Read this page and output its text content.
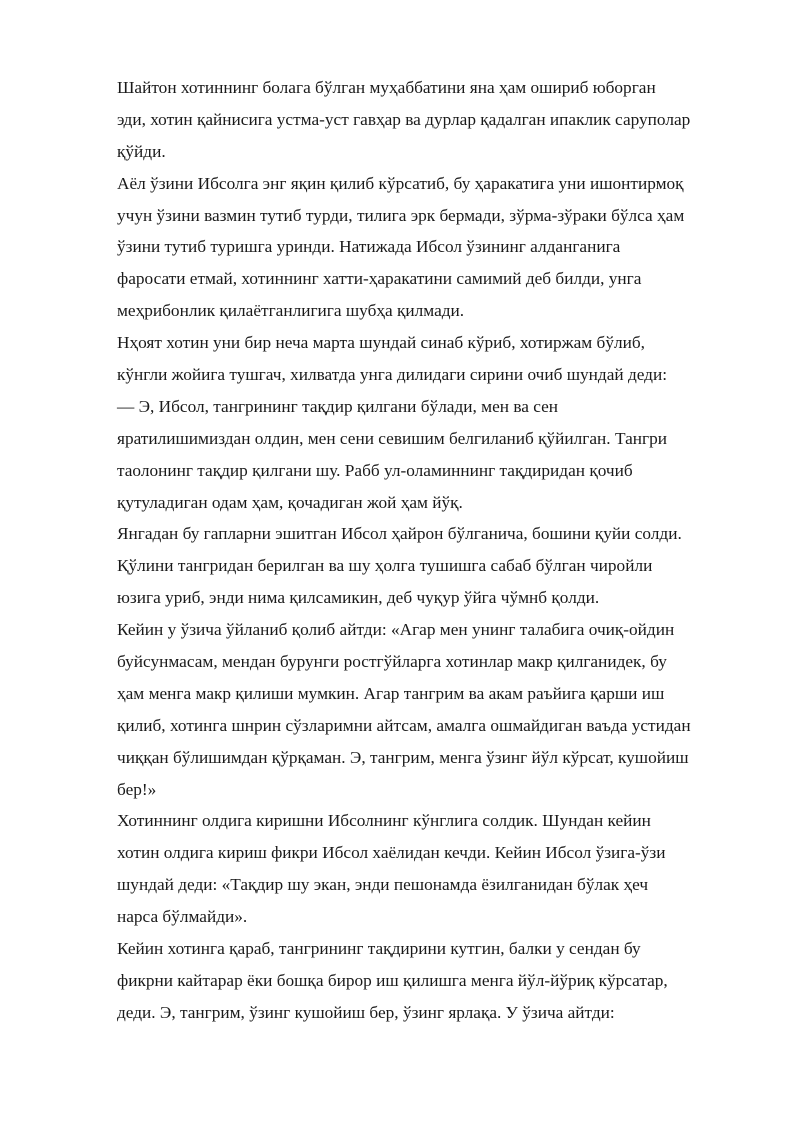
Шайтон хотиннинг болага бўлган муҳаббатини яна ҳам ошириб юборган
эди, хотин қайнисига устма-уст гавҳар ва дурлар қадалган ипаклик саруполар
қўйди.
Аёл ўзини Ибсолга энг яқин қилиб кўрсатиб, бу ҳаракатига уни ишонтирмоқ
учун ўзини вазмин тутиб турди, тилига эрк бермади, зўрма-зўраки бўлса ҳам
ўзини тутиб туришга уринди. Натижада Ибсол ўзининг алданганига
фаросати етмай, хотиннинг хатти-ҳаракатини самимий деб билди, унга
меҳрибонлик қилаётганлигига шубҳа қилмади.
Нҳоят хотин уни бир неча марта шундай синаб кўриб, хотиржам бўлиб,
кўнгли жойига тушгач, хилватда унга дилидаги сирини очиб шундай деди:
— Э, Ибсол, тангрининг тақдир қилгани бўлади, мен ва сен
яратилишимиздан олдин, мен сени севишим белгиланиб қўйилган. Тангри
таолонинг тақдир қилгани шу. Рабб ул-оламиннинг тақдиридан қочиб
қутуладиган одам ҳам, қочадиган жой ҳам йўқ.
Янгадан бу гапларни эшитган Ибсол ҳайрон бўлганича, бошини қуйи солди.
Қўлини тангридан берилган ва шу ҳолга тушишга сабаб бўлган чиройли
юзига уриб, энди нима қилсамикин, деб чуқур ўйга чўмнб қолди.
Кейин у ўзича ўйланиб қолиб айтди: «Агар мен унинг талабига очиқ-ойдин
буйсунмасам, мендан бурунги ростгўйларга хотинлар макр қилганидек, бу
ҳам менга макр қилиши мумкин. Агар тангрим ва акам раъйига қарши иш
қилиб, хотинга шнрин сўзларимни айтсам, амалга ошмайдиган ваъда устидан
чиққан бўлишимдан қўрқаман. Э, тангрим, менга ўзинг йўл кўрсат, кушойиш
бер!»
Хотиннинг олдига киришни Ибсолнинг кўнглига солдик. Шундан кейин
хотин олдига кириш фикри Ибсол хаёлидан кечди. Кейин Ибсол ўзига-ўзи
шундай деди: «Тақдир шу экан, энди пешонамда ёзилганидан бўлак ҳеч
нарса бўлмайди».
Кейин хотинга қараб, тангрининг тақдирини кутгин, балки у сендан бу
фикрни кайтарар ёки бошқа бирор иш қилишга менга йўл-йўриқ кўрсатар,
деди. Э, тангрим, ўзинг кушойиш бер, ўзинг ярлақа. У ўзича айтди:
